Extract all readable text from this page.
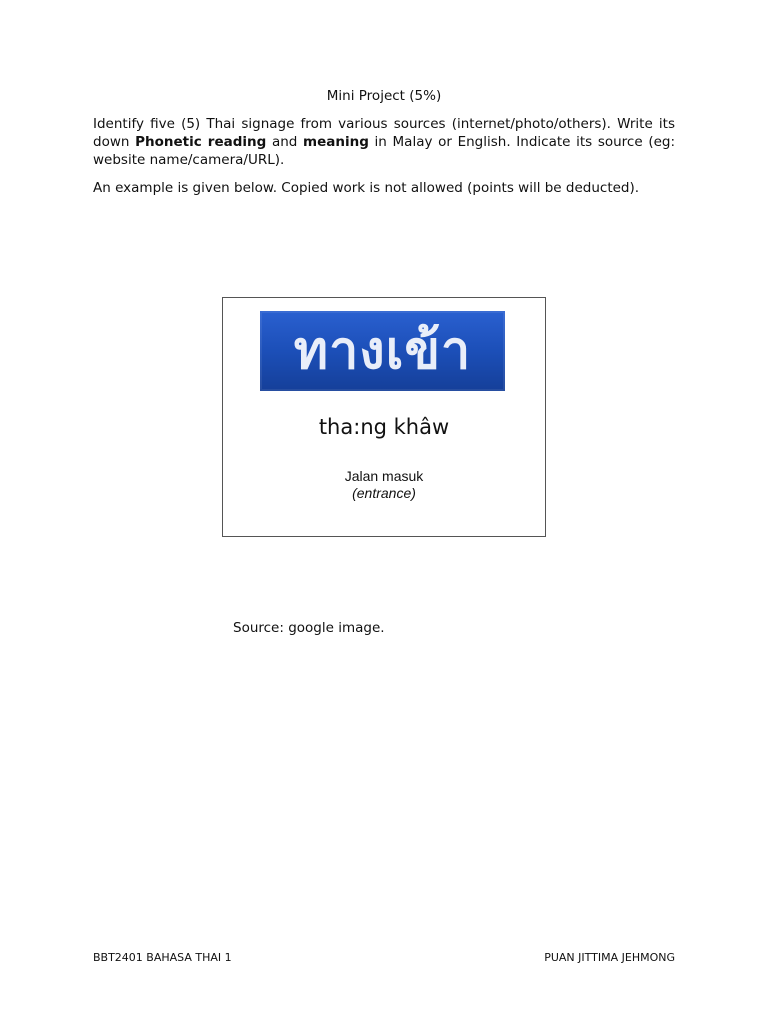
Mini Project (5%)

Identify five (5) Thai signage from various sources (internet/photo/others). Write its down Phonetic reading and meaning in Malay or English. Indicate its source (eg: website name/camera/URL).

An example is given below. Copied work is not allowed (points will be deducted).

ทางเข้า
tha:ng khâw
Jalan masuk
(entrance)
Source: google image.
BBT2401 BAHASA THAI 1	PUAN JITTIMA JEHMONG
